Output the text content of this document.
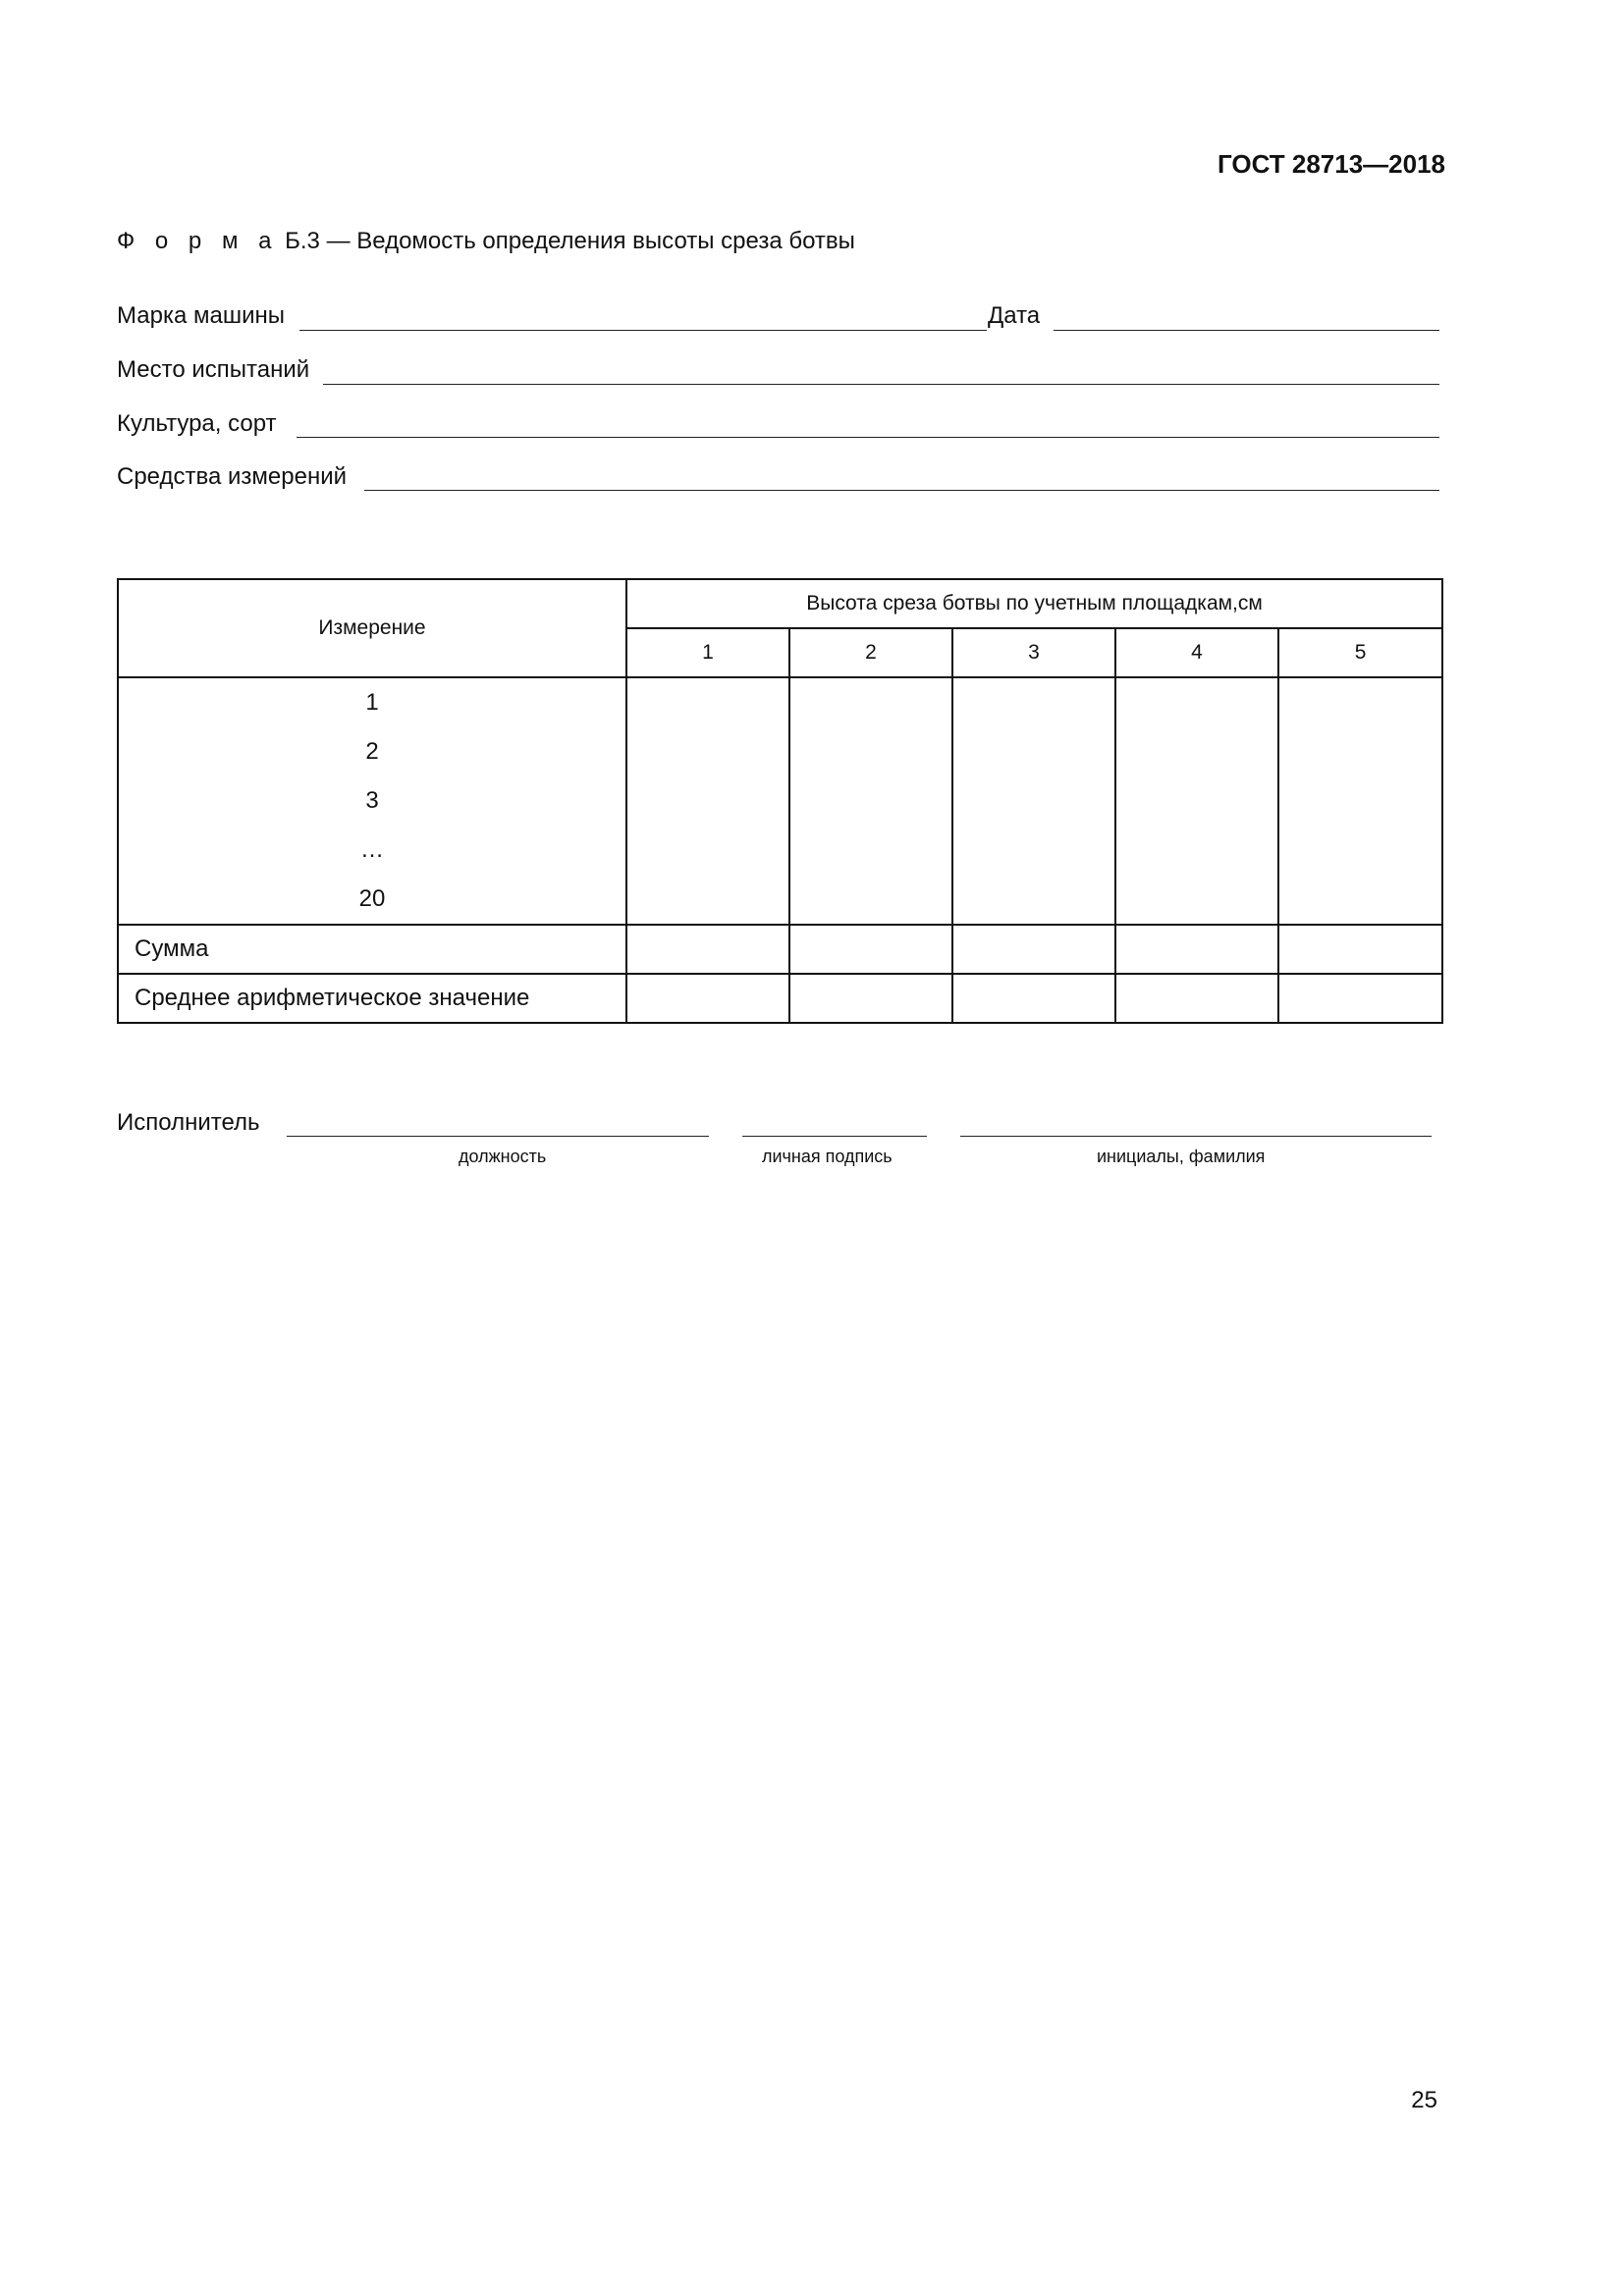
ГОСТ 28713—2018
Ф о р м а Б.3 — Ведомость определения высоты среза ботвы
Марка машины	Дата
Место испытаний
Культура, сорт
Средства измерений
Измерение	Высота среза ботвы по учетным площадкам,см				
	1	2	3	4	5

1
2
3
…
20					

Сумма					
Среднее арифметическое значение					
Исполнитель
должность	личная подпись	инициалы, фамилия
25
